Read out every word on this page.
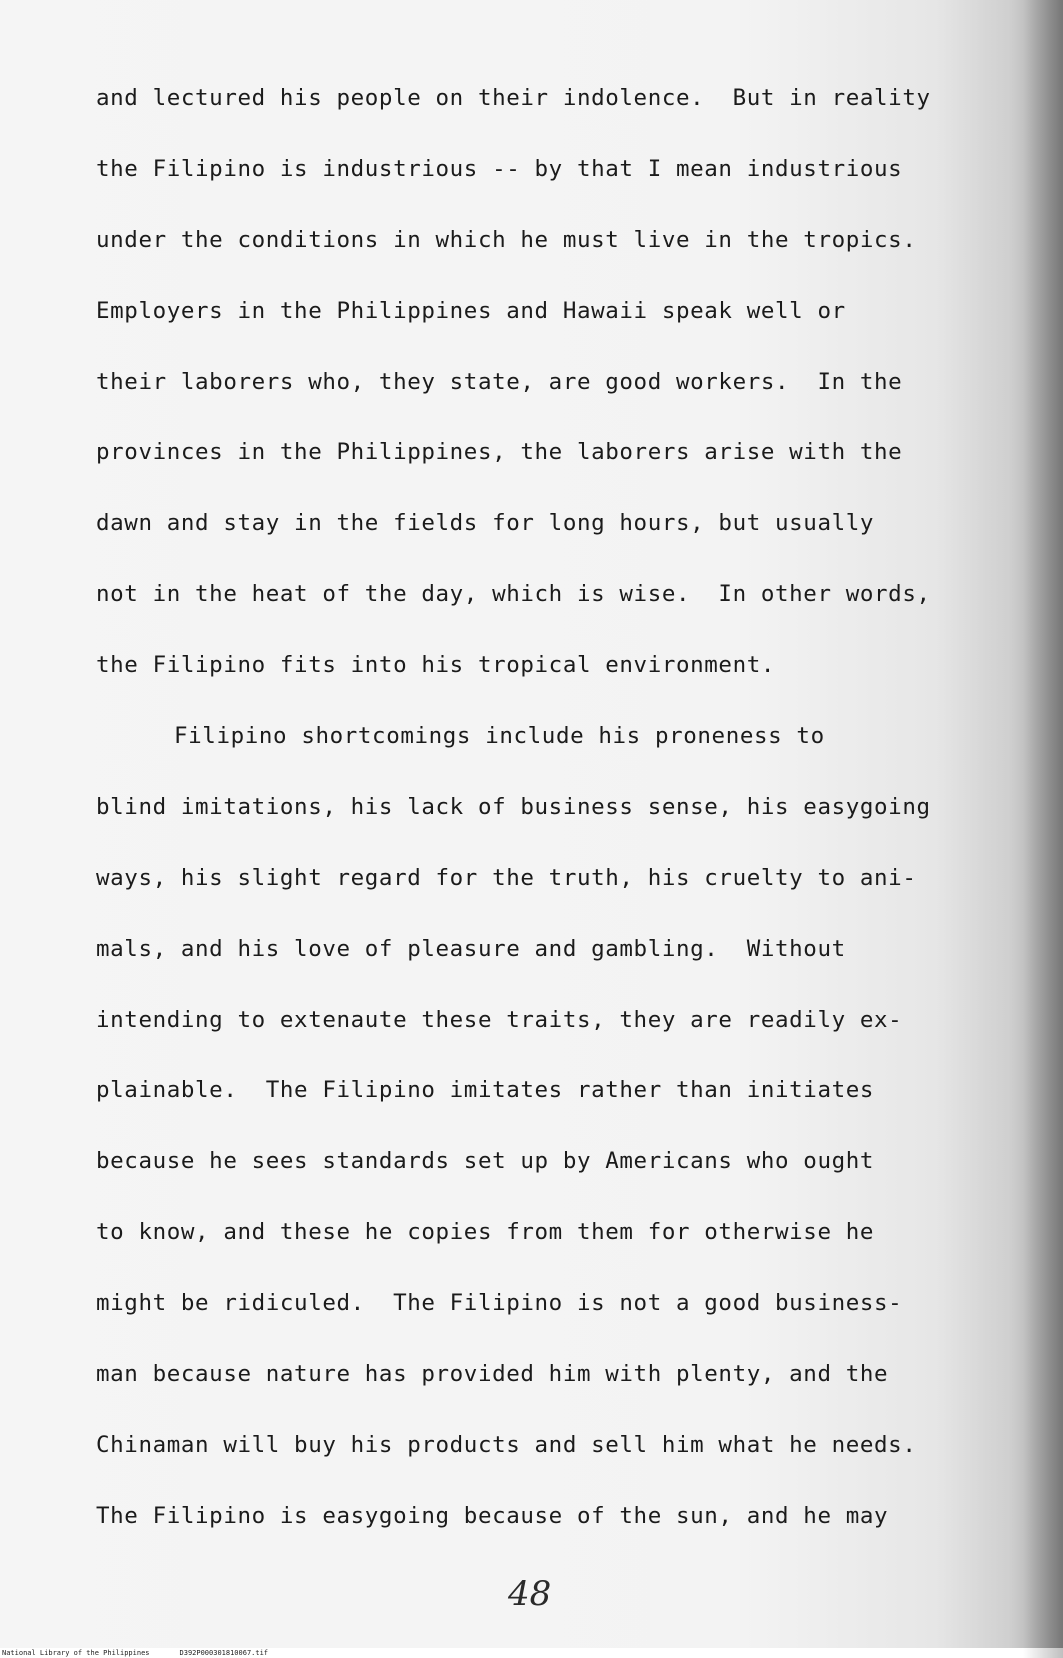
and lectured his people on their indolence.  But in reality
the Filipino is industrious -- by that I mean industrious
under the conditions in which he must live in the tropics.
Employers in the Philippines and Hawaii speak well or
their laborers who, they state, are good workers.  In the
provinces in the Philippines, the laborers arise with the
dawn and stay in the fields for long hours, but usually
not in the heat of the day, which is wise.  In other words,
the Filipino fits into his tropical environment.
Filipino shortcomings include his proneness to
blind imitations, his lack of business sense, his easygoing
ways, his slight regard for the truth, his cruelty to ani-
mals, and his love of pleasure and gambling.  Without
intending to extenaute these traits, they are readily ex-
plainable.  The Filipino imitates rather than initiates
because he sees standards set up by Americans who ought
to know, and these he copies from them for otherwise he
might be ridiculed.  The Filipino is not a good business-
man because nature has provided him with plenty, and the
Chinaman will buy his products and sell him what he needs.
The Filipino is easygoing because of the sun, and he may
48
National Library of the Philippines	D392P000301810067.tif
